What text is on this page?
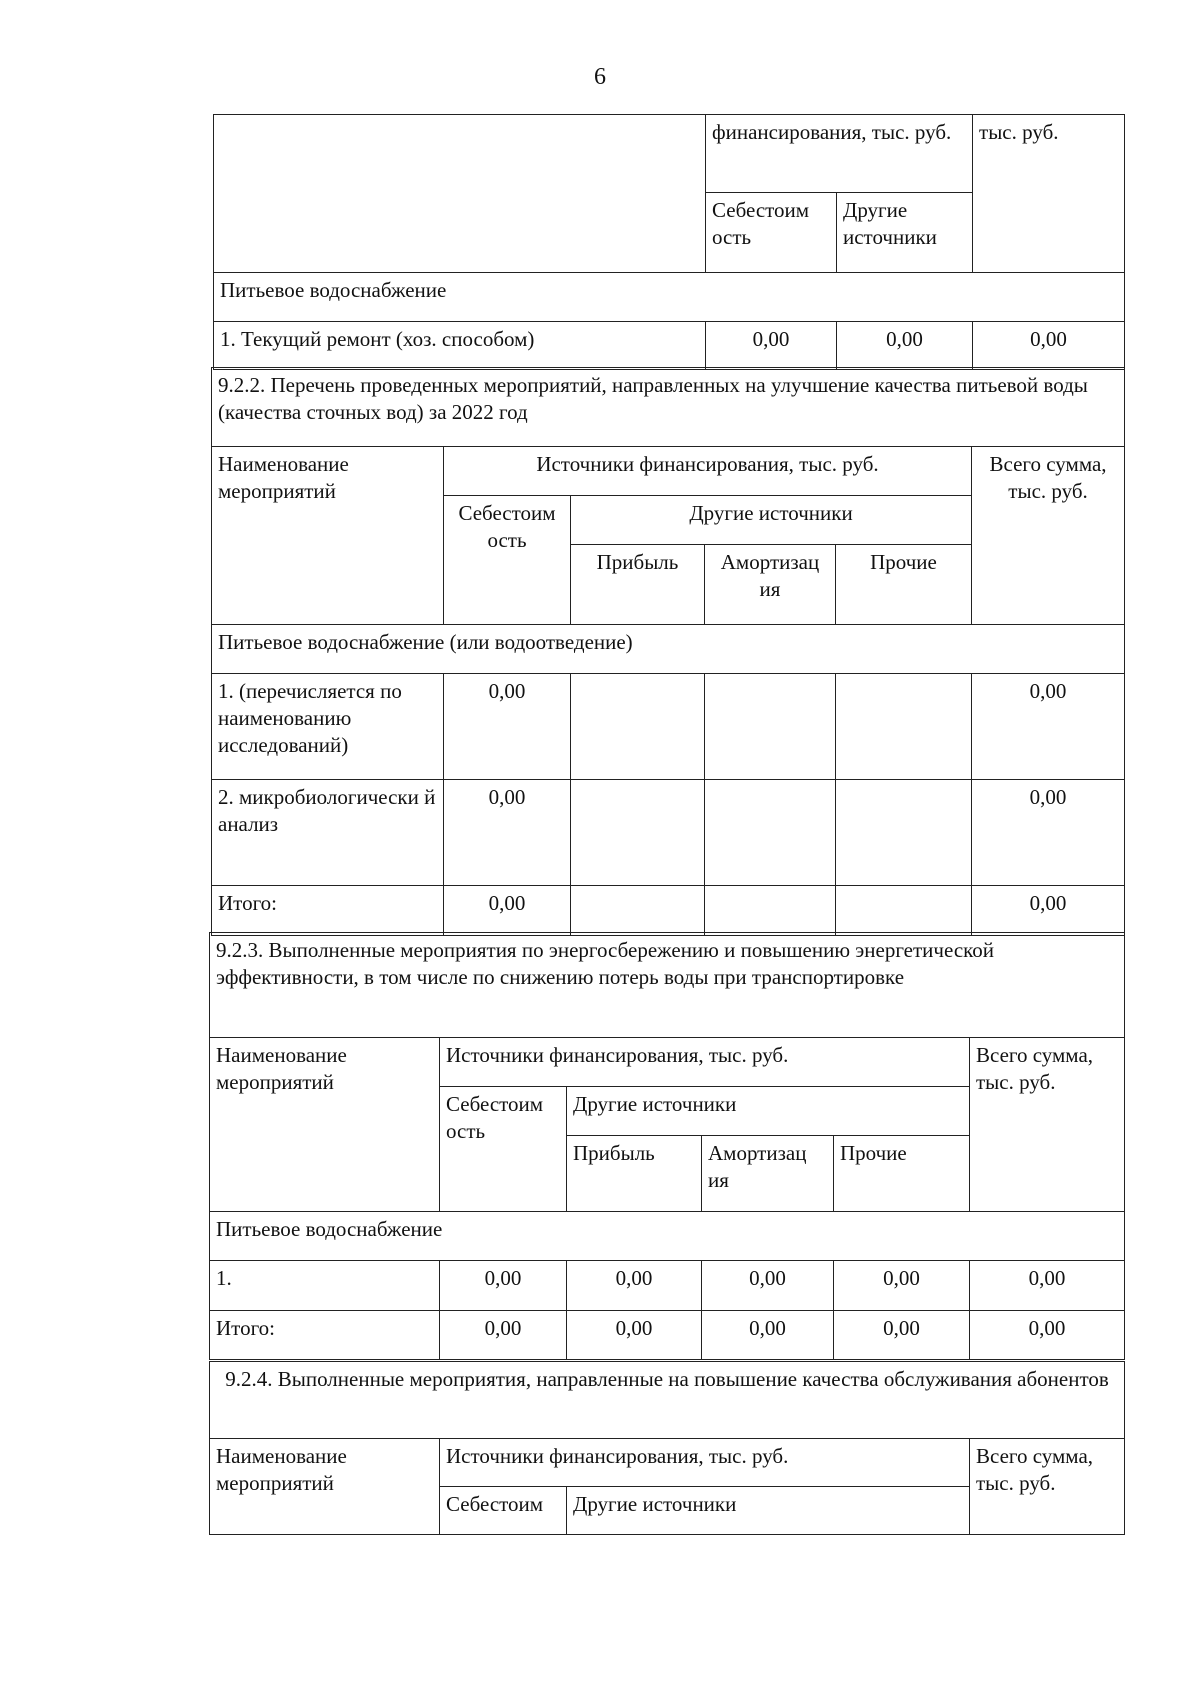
6
	финансирования, тыс. руб.		тыс. руб.
	Себестоим ость	Другие источники	
Питьевое водоснабжение			
1. Текущий ремонт (хоз. способом)	0,00	0,00	0,00
9.2.2. Перечень проведенных мероприятий, направленных на улучшение качества питьевой воды (качества сточных вод) за 2022 год					
Наименование мероприятий	Источники финансирования, тыс. руб.				Всего сумма, тыс. руб.
	Себестоим ость	Другие источники			
		Прибыль	Амортизац ия	Прочие	
Питьевое водоснабжение (или водоотведение)					
1. (перечисляется по наименованию исследований)	0,00				0,00
2. микробиологически й анализ	0,00				0,00
Итого:	0,00				0,00
9.2.3. Выполненные мероприятия по энергосбережению и повышению энергетической эффективности, в том числе по снижению потерь воды при транспортировке					
Наименование мероприятий	Источники финансирования, тыс. руб.				Всего сумма, тыс. руб.
	Себестоим ость	Другие источники			
		Прибыль	Амортизац ия	Прочие	
Питьевое водоснабжение					
1.	0,00	0,00	0,00	0,00	0,00
Итого:	0,00	0,00	0,00	0,00	0,00
9.2.4. Выполненные мероприятия, направленные на повышение качества обслуживания абонентов			
Наименование мероприятий	Источники финансирования, тыс. руб.		Всего сумма, тыс. руб.
	Себестоим	Другие источники	
